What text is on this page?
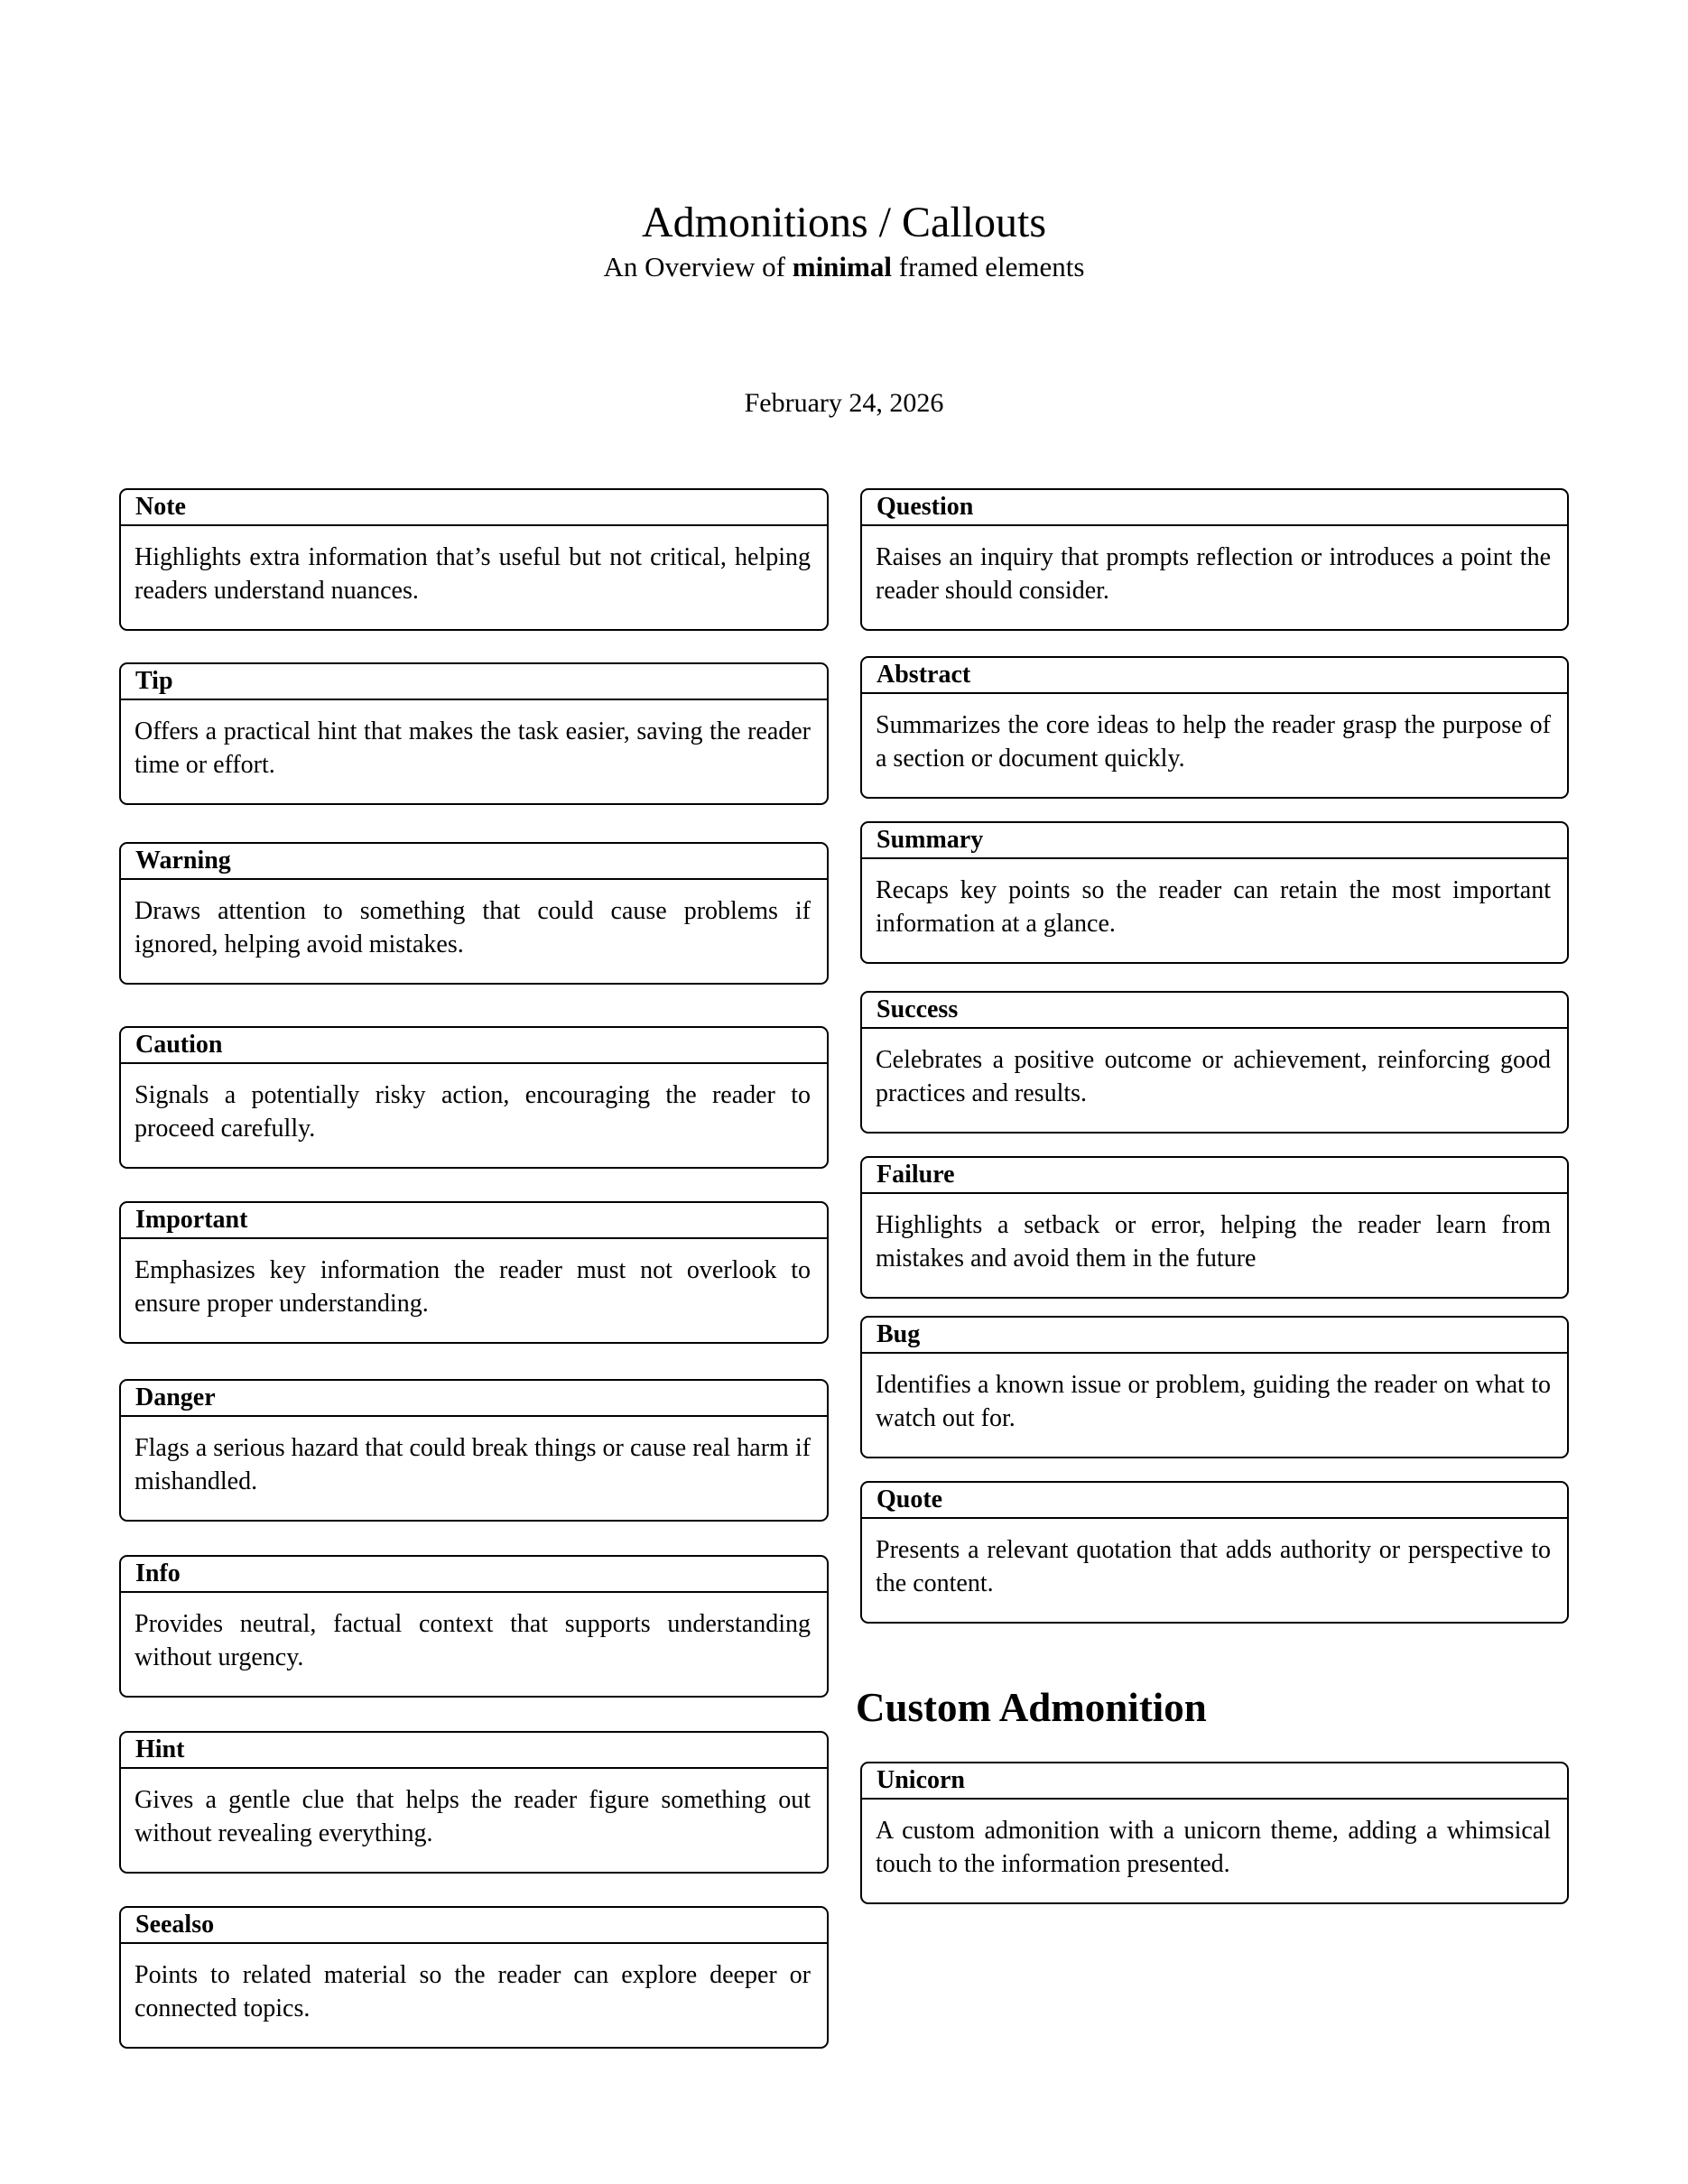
Admonitions / Callouts
An Overview of minimal framed elements
February 24, 2026
Note
Highlights extra information that’s useful but not critical, helping readers understand nuances.
Tip
Offers a practical hint that makes the task easier, saving the reader time or effort.
Warning
Draws attention to something that could cause problems if ignored, helping avoid mistakes.
Caution
Signals a potentially risky action, encouraging the reader to proceed carefully.
Important
Emphasizes key information the reader must not overlook to ensure proper understanding.
Danger
Flags a serious hazard that could break things or cause real harm if mishandled.
Info
Provides neutral, factual context that supports understanding without urgency.
Hint
Gives a gentle clue that helps the reader figure something out without revealing everything.
Seealso
Points to related material so the reader can explore deeper or connected topics.
Question
Raises an inquiry that prompts reflection or introduces a point the reader should consider.
Abstract
Summarizes the core ideas to help the reader grasp the purpose of a section or document quickly.
Summary
Recaps key points so the reader can retain the most important information at a glance.
Success
Celebrates a positive outcome or achievement, reinforcing good practices and results.
Failure
Highlights a setback or error, helping the reader learn from mistakes and avoid them in the future
Bug
Identifies a known issue or problem, guiding the reader on what to watch out for.
Quote
Presents a relevant quotation that adds authority or perspective to the content.
Custom Admonition
Unicorn
A custom admonition with a unicorn theme, adding a whimsical touch to the information presented.
